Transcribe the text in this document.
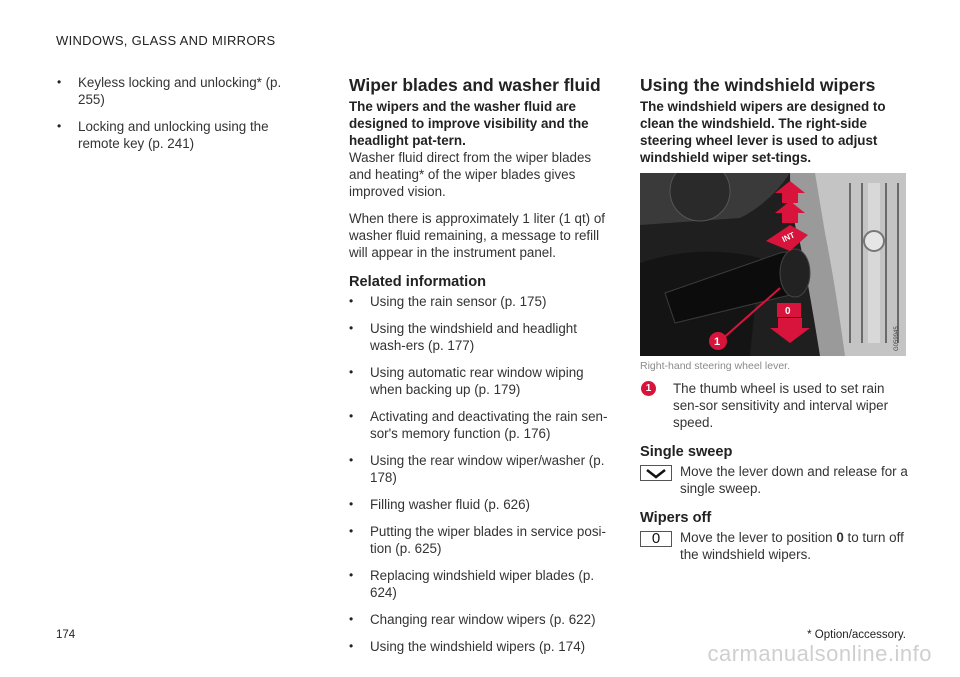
WINDOWS, GLASS AND MIRRORS
• Keyless locking and unlocking* (p. 255)
• Locking and unlocking using the remote key (p. 241)
Wiper blades and washer fluid
The wipers and the washer fluid are designed to improve visibility and the headlight pat-tern.
Washer fluid direct from the wiper blades and heating* of the wiper blades gives improved vision.
When there is approximately 1 liter (1 qt) of washer fluid remaining, a message to refill will appear in the instrument panel.
Related information
• Using the rain sensor (p. 175)
• Using the windshield and headlight wash-ers (p. 177)
• Using automatic rear window wiping when backing up (p. 179)
• Activating and deactivating the rain sen-sor's memory function (p. 176)
• Using the rear window wiper/washer (p. 178)
• Filling washer fluid (p. 626)
• Putting the wiper blades in service posi-tion (p. 625)
• Replacing windshield wiper blades (p. 624)
• Changing rear window wipers (p. 622)
• Using the windshield wipers (p. 174)
Using the windshield wipers
The windshield wipers are designed to clean the windshield. The right-side steering wheel lever is used to adjust windshield wiper set-tings.
INT
0
1	G059945
Right-hand steering wheel lever.
1	The thumb wheel is used to set rain sen-sor sensitivity and interval wiper speed.
Single sweep
Move the lever down and release for a single sweep.
Wipers off
0	Move the lever to position 0 to turn off the windshield wipers.
174	* Option/accessory.
carmanualsonline.info
